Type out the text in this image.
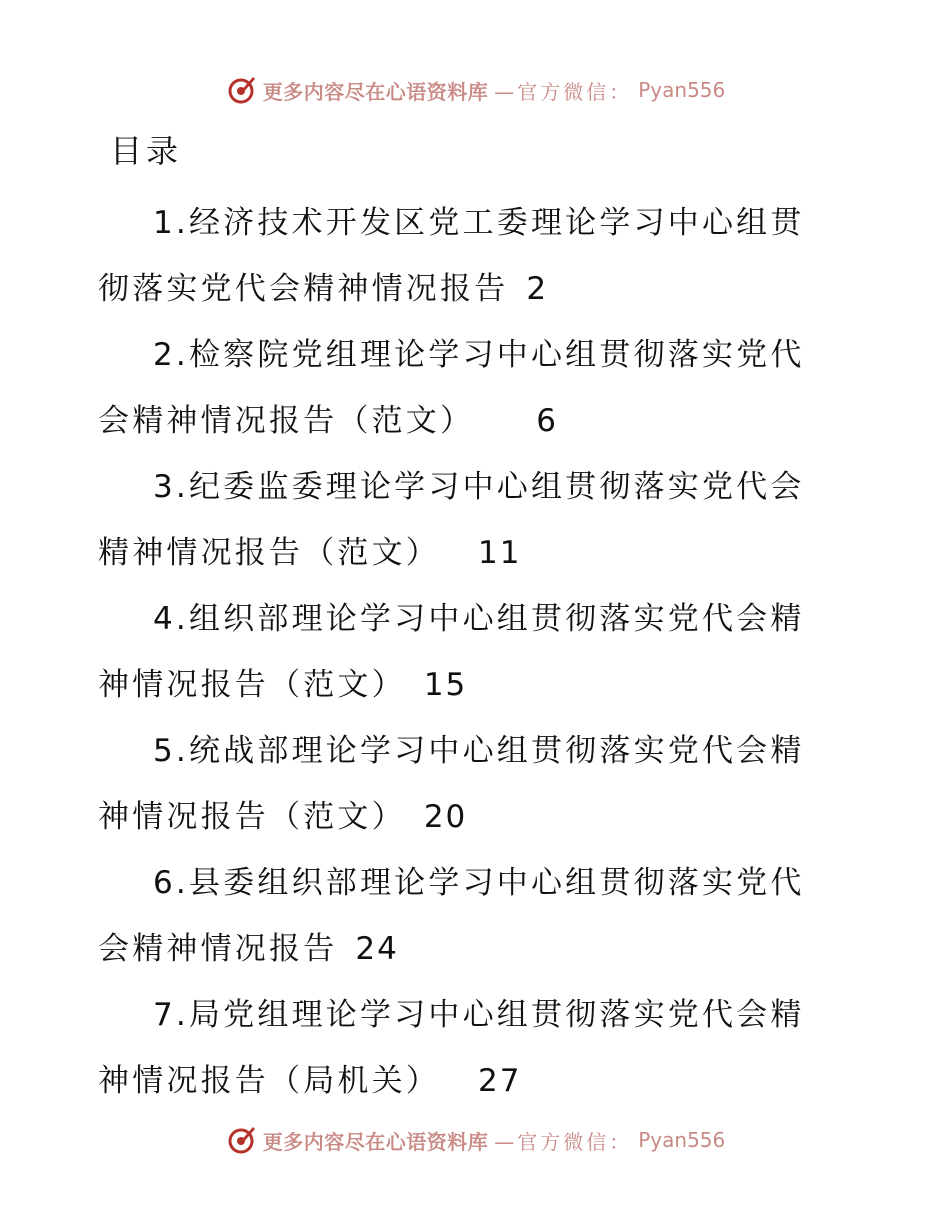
更多内容尽在心语资料库 —官方微信： Pyan556
目录
1.经济技术开发区党工委理论学习中心组贯彻落实党代会精神情况报告 2
2.检察院党组理论学习中心组贯彻落实党代会精神情况报告（范文） 6
3.纪委监委理论学习中心组贯彻落实党代会精神情况报告（范文） 11
4.组织部理论学习中心组贯彻落实党代会精神情况报告（范文） 15
5.统战部理论学习中心组贯彻落实党代会精神情况报告（范文） 20
6.县委组织部理论学习中心组贯彻落实党代会精神情况报告 24
7.局党组理论学习中心组贯彻落实党代会精神情况报告（局机关） 27
更多内容尽在心语资料库 —官方微信： Pyan556
